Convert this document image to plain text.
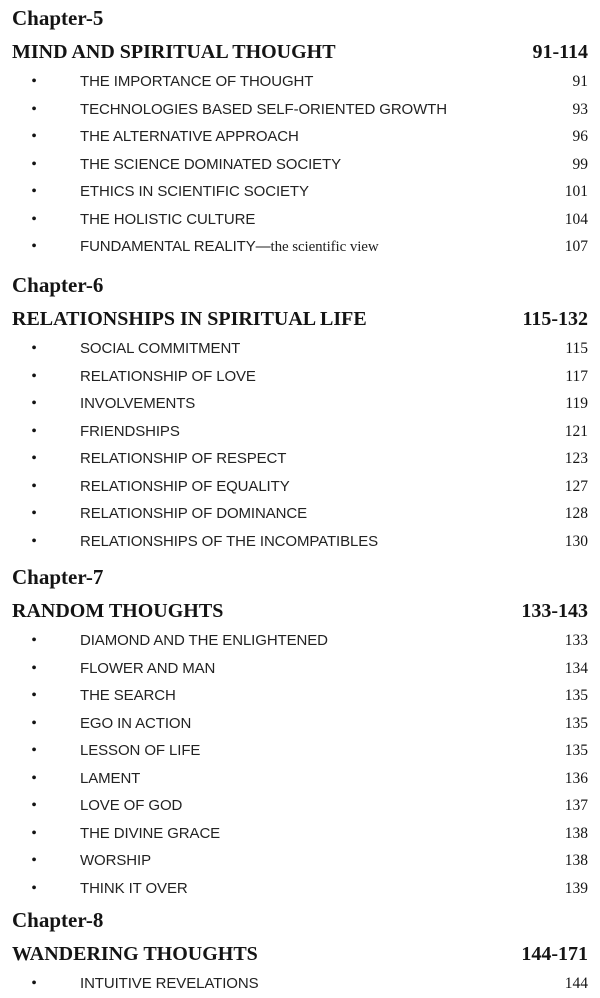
Chapter-5
MIND AND SPIRITUAL THOUGHT	91-114
•	THE IMPORTANCE OF THOUGHT	91
•	TECHNOLOGIES BASED SELF-ORIENTED GROWTH	93
•	THE ALTERNATIVE APPROACH	96
•	THE SCIENCE DOMINATED SOCIETY	99
•	ETHICS IN SCIENTIFIC SOCIETY	101
•	THE HOLISTIC CULTURE	104
•	FUNDAMENTAL REALITY—the scientific view	107
Chapter-6
RELATIONSHIPS IN SPIRITUAL LIFE	115-132
•	SOCIAL COMMITMENT	115
•	RELATIONSHIP OF LOVE	117
•	INVOLVEMENTS	119
•	FRIENDSHIPS	121
•	RELATIONSHIP OF RESPECT	123
•	RELATIONSHIP OF EQUALITY	127
•	RELATIONSHIP OF DOMINANCE	128
•	RELATIONSHIPS OF THE INCOMPATIBLES	130
Chapter-7
RANDOM THOUGHTS	133-143
•	DIAMOND AND THE ENLIGHTENED	133
•	FLOWER AND MAN	134
•	THE SEARCH	135
•	EGO IN ACTION	135
•	LESSON OF LIFE	135
•	LAMENT	136
•	LOVE OF GOD	137
•	THE DIVINE GRACE	138
•	WORSHIP	138
•	THINK IT OVER	139
Chapter-8
WANDERING THOUGHTS	144-171
•	INTUITIVE REVELATIONS	144
